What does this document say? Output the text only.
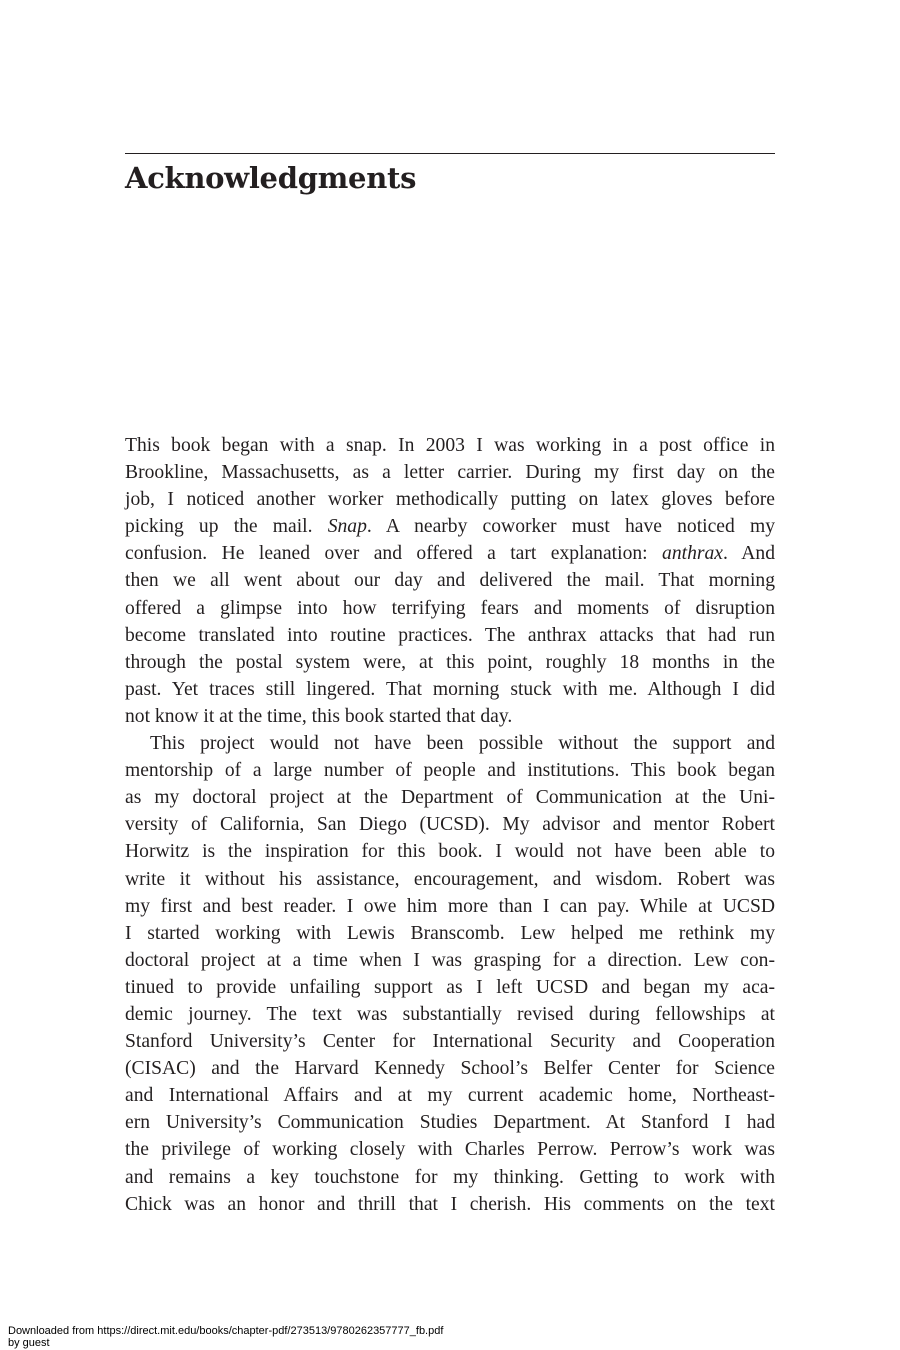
Acknowledgments
This book began with a snap. In 2003 I was working in a post office in
Brookline, Massachusetts, as a letter carrier. During my first day on the
job, I noticed another worker methodically putting on latex gloves before
picking up the mail. Snap. A nearby coworker must have noticed my
confusion. He leaned over and offered a tart explanation: anthrax. And
then we all went about our day and delivered the mail. That morning
offered a glimpse into how terrifying fears and moments of disruption
become translated into routine practices. The anthrax attacks that had run
through the postal system were, at this point, roughly 18 months in the
past. Yet traces still lingered. That morning stuck with me. Although I did
not know it at the time, this book started that day.
This project would not have been possible without the support and
mentorship of a large number of people and institutions. This book began
as my doctoral project at the Department of Communication at the Uni-
versity of California, San Diego (UCSD). My advisor and mentor Robert
Horwitz is the inspiration for this book. I would not have been able to
write it without his assistance, encouragement, and wisdom. Robert was
my first and best reader. I owe him more than I can pay. While at UCSD
I started working with Lewis Branscomb. Lew helped me rethink my
doctoral project at a time when I was grasping for a direction. Lew con-
tinued to provide unfailing support as I left UCSD and began my aca-
demic journey. The text was substantially revised during fellowships at
Stanford University’s Center for International Security and Cooperation
(CISAC) and the Harvard Kennedy School’s Belfer Center for Science
and International Affairs and at my current academic home, Northeast-
ern University’s Communication Studies Department. At Stanford I had
the privilege of working closely with Charles Perrow. Perrow’s work was
and remains a key touchstone for my thinking. Getting to work with
Chick was an honor and thrill that I cherish. His comments on the text
Downloaded from https://direct.mit.edu/books/chapter-pdf/273513/9780262357777_fb.pdf
by guest
